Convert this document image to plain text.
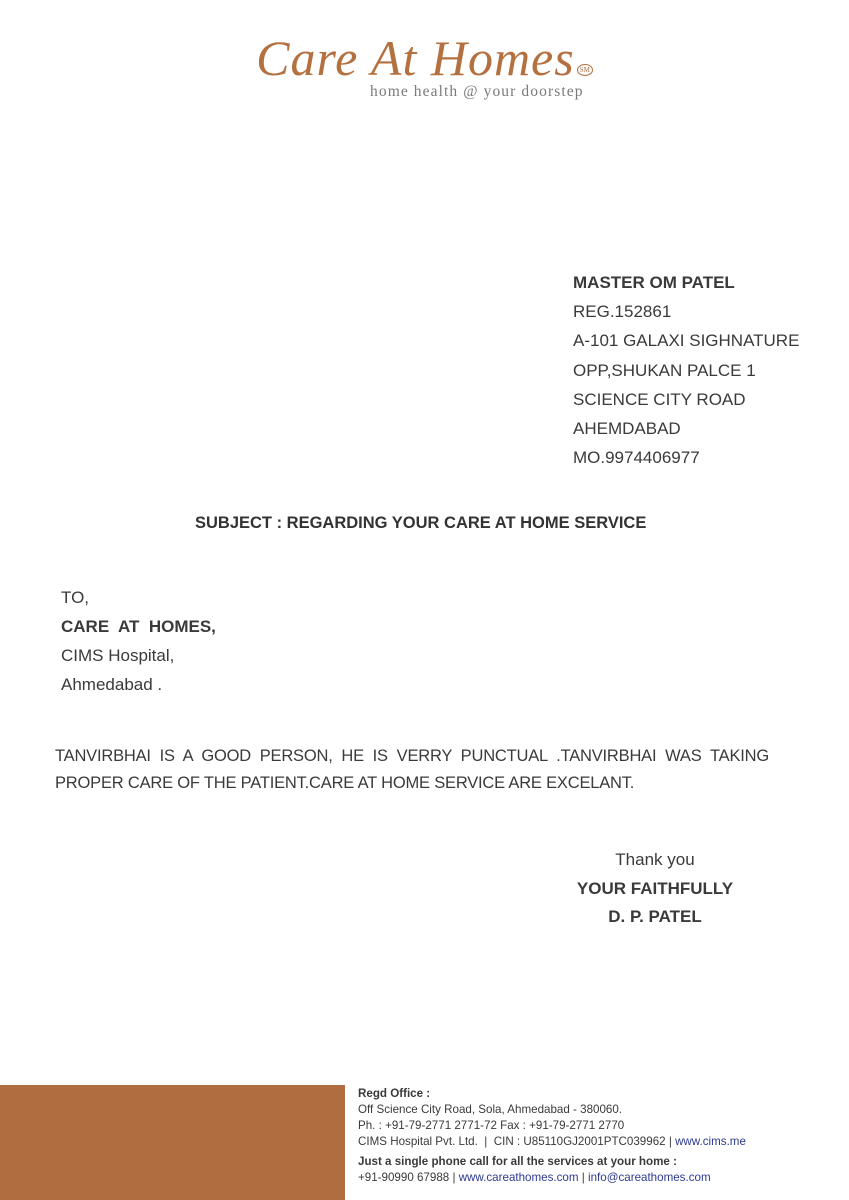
Care At Homes ℠
home health @ your doorstep
MASTER OM PATEL
REG.152861
A-101 GALAXI SIGHNATURE
OPP,SHUKAN PALCE 1
SCIENCE CITY ROAD
AHEMDABAD
MO.9974406977
SUBJECT : REGARDING YOUR CARE AT HOME SERVICE
TO,
CARE  AT  HOMES,
CIMS Hospital,
Ahmedabad .
TANVIRBHAI IS A GOOD PERSON, HE IS VERRY PUNCTUAL .TANVIRBHAI WAS TAKING PROPER CARE OF THE PATIENT.CARE AT HOME SERVICE ARE EXCELANT.
Thank you
YOUR FAITHFULLY
D. P. PATEL
Regd Office :
Off Science City Road, Sola, Ahmedabad - 380060.
Ph. : +91-79-2771 2771-72 Fax : +91-79-2771 2770
CIMS Hospital Pvt. Ltd.  |  CIN : U85110GJ2001PTC039962 | www.cims.me
Just a single phone call for all the services at your home :
+91-90990 67988 | www.careathomes.com | info@careathomes.com
